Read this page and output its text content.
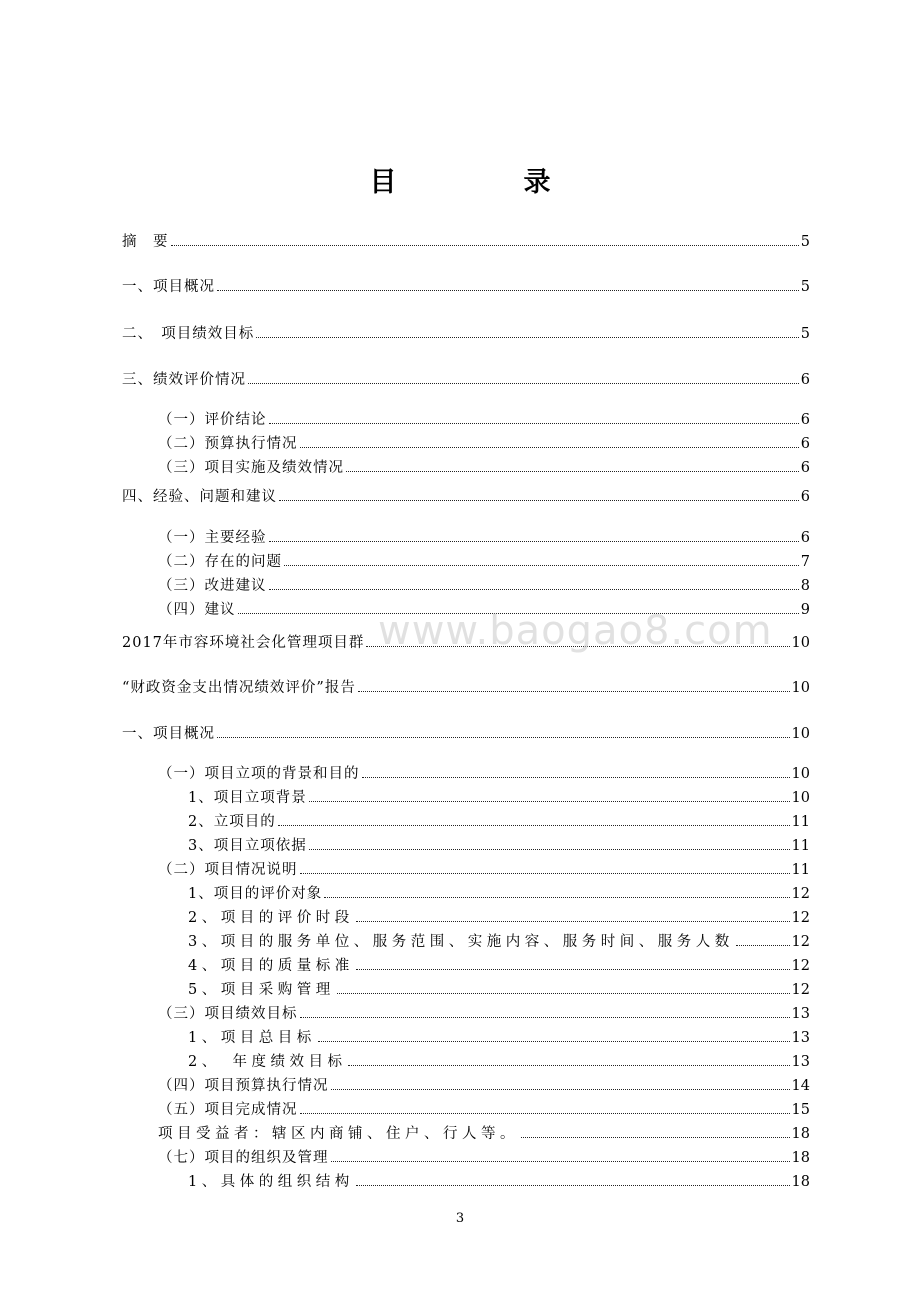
目　录
摘　要	5
一、项目概况	5
二、　项目绩效目标	5
三、绩效评价情况	6
（一）评价结论	6
（二）预算执行情况	6
（三）项目实施及绩效情况	6
四、经验、问题和建议	6
（一）主要经验	6
（二）存在的问题	7
（三）改进建议	8
（四）建议	9
2017年市容环境社会化管理项目群	10
“财政资金支出情况绩效评价”报告	10
一、项目概况	10
（一）项目立项的背景和目的	10
1、项目立项背景	10
2、立项目的	11
3、项目立项依据	11
（二）项目情况说明	11
1、项目的评价对象	12
2、项目的评价时段	12
3、项目的服务单位、服务范围、实施内容、服务时间、服务人数	12
4、项目的质量标准	12
5、项目采购管理	12
（三）项目绩效目标	13
1、项目总目标	13
2、　年度绩效目标	13
（四）项目预算执行情况	14
（五）项目完成情况	15
项目受益者：辖区内商铺、住户、行人等。	18
（七）项目的组织及管理	18
1、具体的组织结构	18
www.baogao8.com
3
